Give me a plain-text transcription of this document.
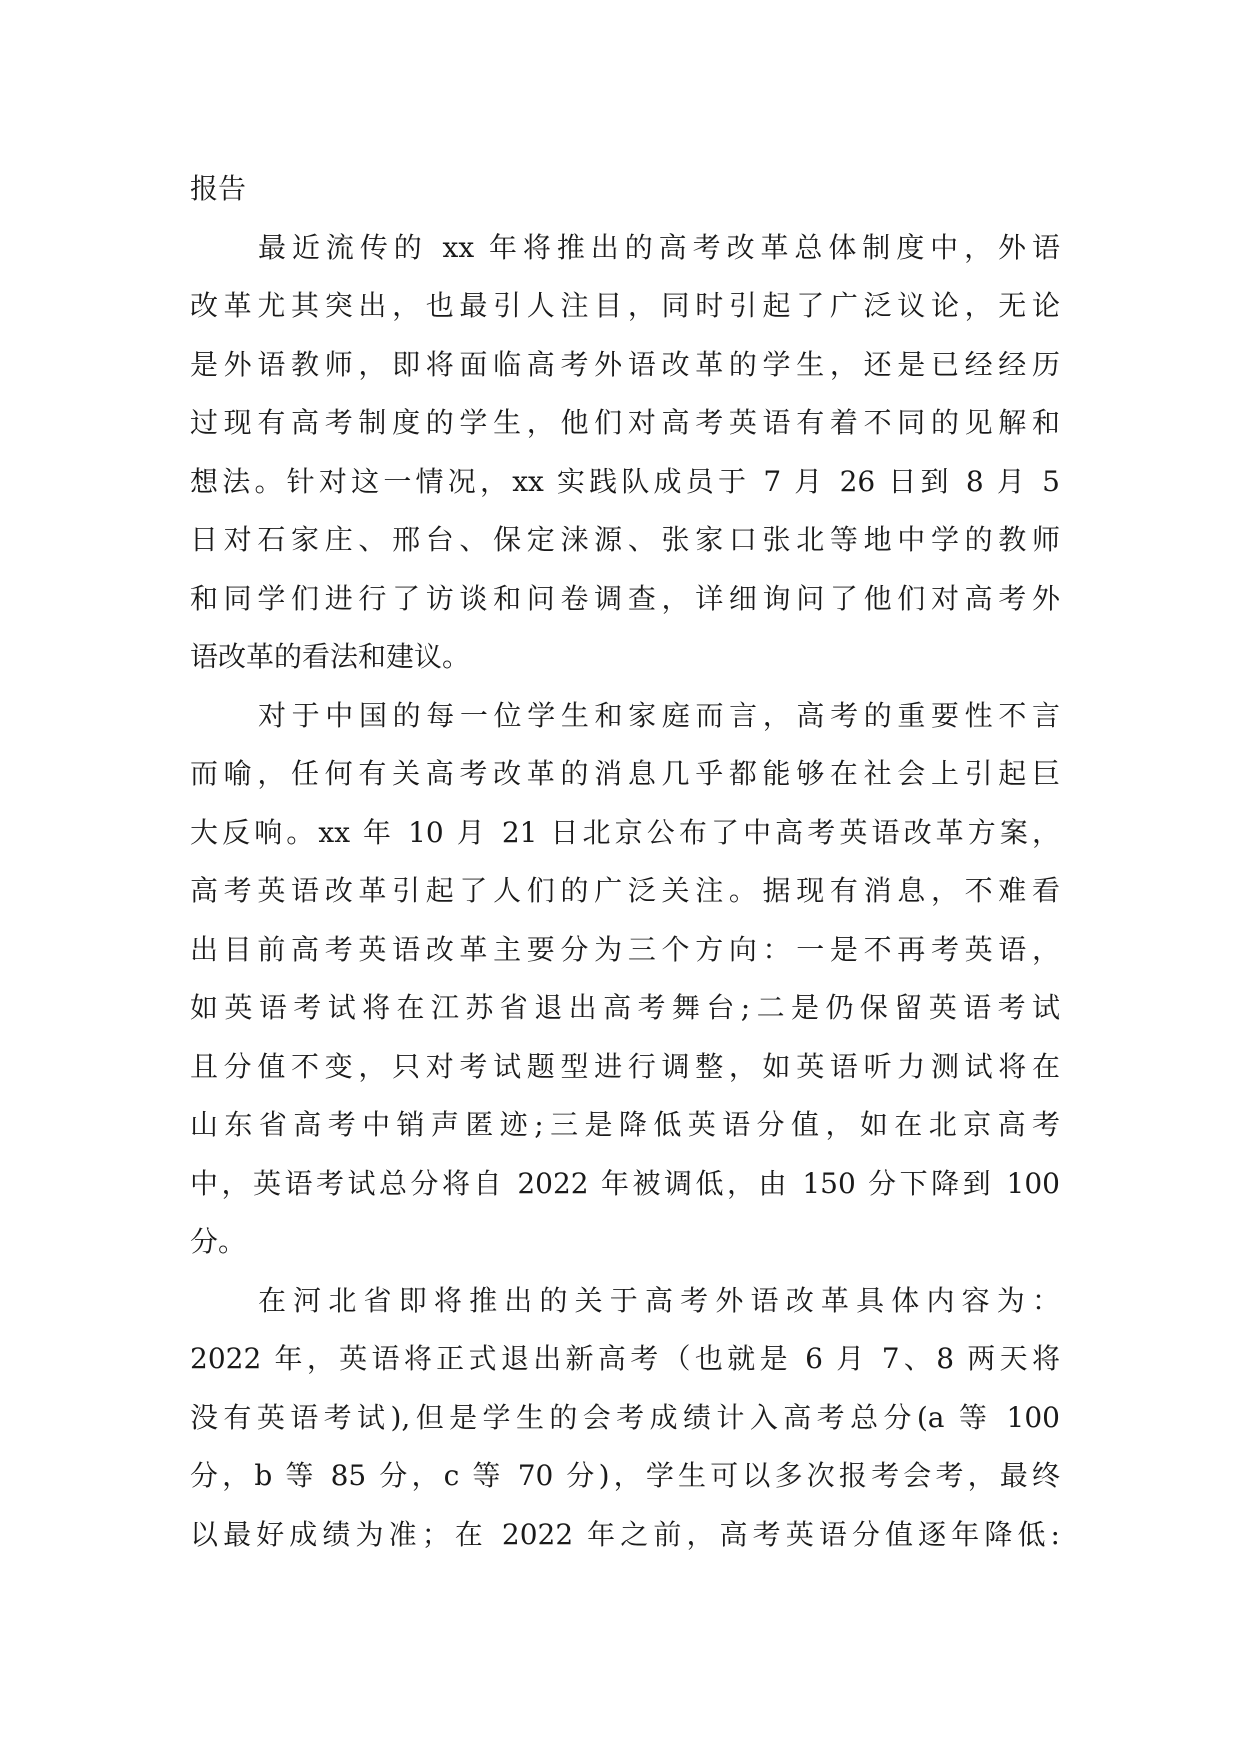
报告
最近流传的 xx 年将推出的高考改革总体制度中，外语
改革尤其突出，也最引人注目，同时引起了广泛议论，无论
是外语教师，即将面临高考外语改革的学生，还是已经经历
过现有高考制度的学生，他们对高考英语有着不同的见解和
想法。针对这一情况，xx 实践队成员于 7 月 26 日到 8 月 5
日对石家庄、邢台、保定涞源、张家口张北等地中学的教师
和同学们进行了访谈和问卷调查，详细询问了他们对高考外
语改革的看法和建议。
对于中国的每一位学生和家庭而言，高考的重要性不言
而喻，任何有关高考改革的消息几乎都能够在社会上引起巨
大反响。xx 年 10 月 21 日北京公布了中高考英语改革方案，
高考英语改革引起了人们的广泛关注。据现有消息，不难看
出目前高考英语改革主要分为三个方向：一是不再考英语，
如英语考试将在江苏省退出高考舞台;二是仍保留英语考试
且分值不变，只对考试题型进行调整，如英语听力测试将在
山东省高考中销声匿迹;三是降低英语分值，如在北京高考
中，英语考试总分将自 2022 年被调低，由 150 分下降到 100
分。
在河北省即将推出的关于高考外语改革具体内容为：
2022 年，英语将正式退出新高考（也就是 6 月 7、8 两天将
没有英语考试),但是学生的会考成绩计入高考总分(a 等 100
分，b 等 85 分，c 等 70 分)，学生可以多次报考会考，最终
以最好成绩为准；在 2022 年之前，高考英语分值逐年降低:
